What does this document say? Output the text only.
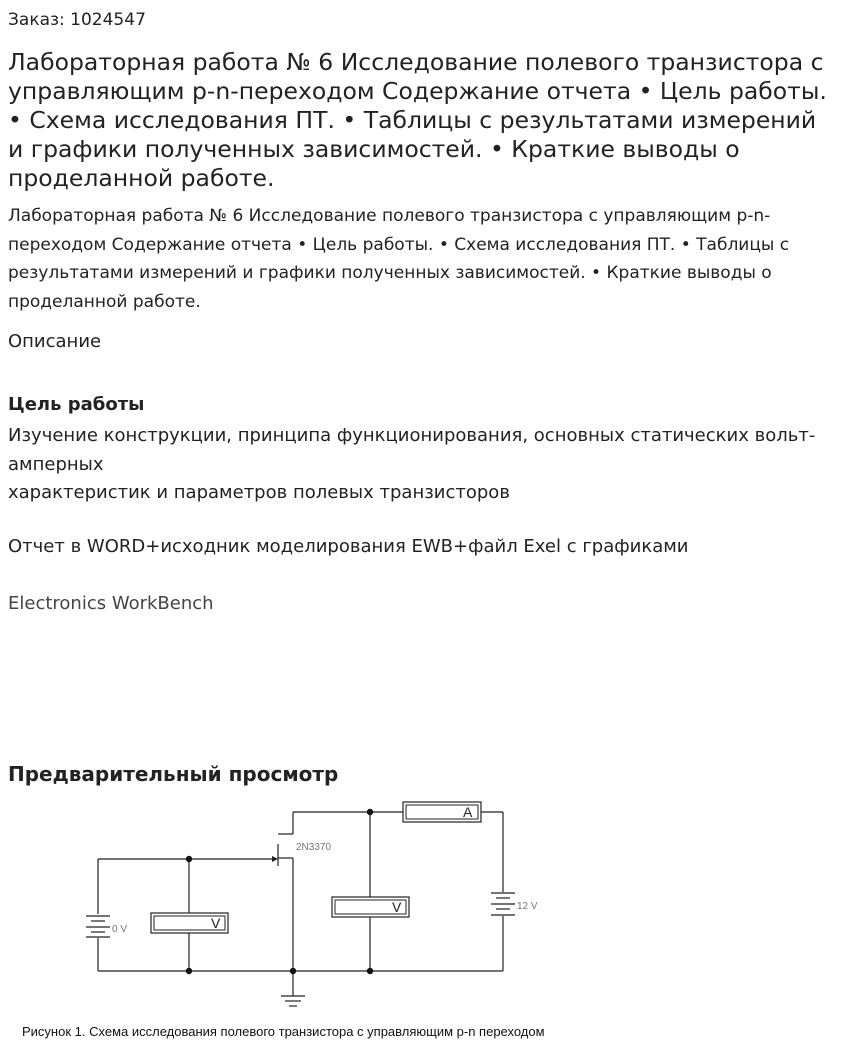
Заказ: 1024547

Лабораторная работа № 6 Исследование полевого транзистора с управляющим p-n-переходом Содержание отчета • Цель работы. • Схема исследования ПТ. • Таблицы с результатами измерений и графики полученных зависимостей. • Краткие выводы о проделанной работе.

Лабораторная работа № 6 Исследование полевого транзистора с управляющим p-n-переходом Содержание отчета • Цель работы. • Схема исследования ПТ. • Таблицы с результатами измерений и графики полученных зависимостей. • Краткие выводы о проделанной работе.

Описание
Цель работы
Изучение конструкции, принципа функционирования, основных статических вольт-амперных
характеристик и параметров полевых транзисторов

Отчет в WORD+исходник моделирования EWB+файл Exel с графиками

Electronics WorkBench

Предварительный просмотр
V
V
A
2N3370
0 V
12 V

Рисунок 1. Схема исследования полевого транзистора с управляющим p-n переходом
